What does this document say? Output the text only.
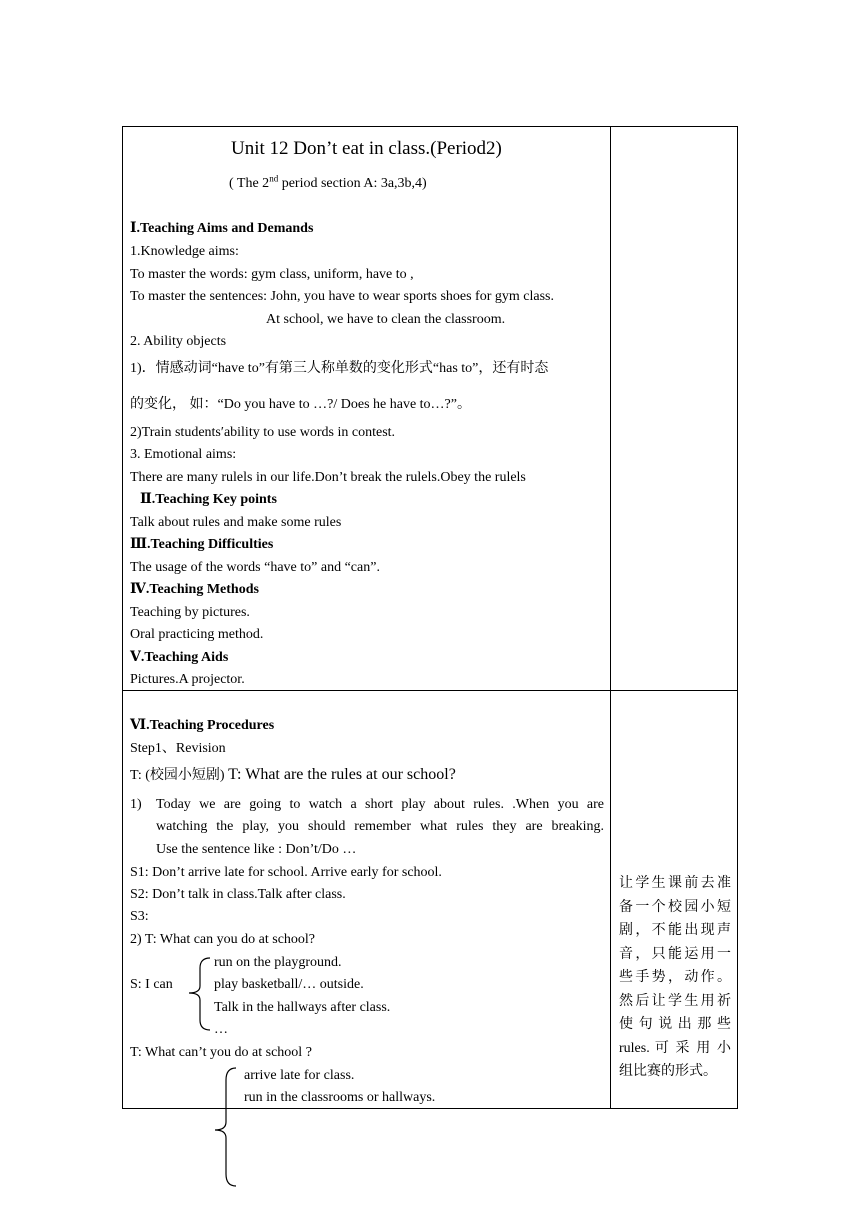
Unit 12 Don’t eat in class.(Period2)
( The 2nd period section A: 3a,3b,4)
Ⅰ.Teaching Aims and Demands
1.Knowledge aims:
To master the words: gym class, uniform, have to ,
To master the sentences: John, you have to wear sports shoes for gym class.
At school, we have to clean the classroom.
2. Ability objects
1)．情感动词“have to”有第三人称单数的变化形式“has to”，还有时态
的变化， 如：“Do you have to …?/ Does he have to…?”。
2)Train students′ability to use words in contest.
3. Emotional aims:
There are many rulels in our life.Don’t break the rulels.Obey the rulels
Ⅱ.Teaching Key points
Talk about rules and make some rules
Ⅲ.Teaching Difficulties
The usage of the words “have to” and “can”.
Ⅳ.Teaching Methods
Teaching by pictures.
Oral practicing method.
Ⅴ.Teaching Aids
Pictures.A projector.
Ⅵ.Teaching Procedures
Step1、Revision
T: (校园小短剧) T: What are the rules at our school?
1) Today we are going to watch a short play about rules. .When you are
watching the play, you should remember what rules they are breaking.
Use the sentence like : Don’t/Do …
S1: Don’t arrive late for school. Arrive early for school.
S2: Don’t talk in class.Talk after class.
S3:
2) T: What can you do at school?
S: I can
run on the playground.
play basketball/… outside.
Talk in the hallways after class.
…
T: What can’t you do at school ?
arrive late for class.
run in the classrooms or hallways.
让学生课前去准
备一个校园小短
剧，不能出现声
音，只能运用一
些手势，动作。
然后让学生用祈
使 句 说 出 那 些
rules. 可 采 用 小
组比赛的形式。
